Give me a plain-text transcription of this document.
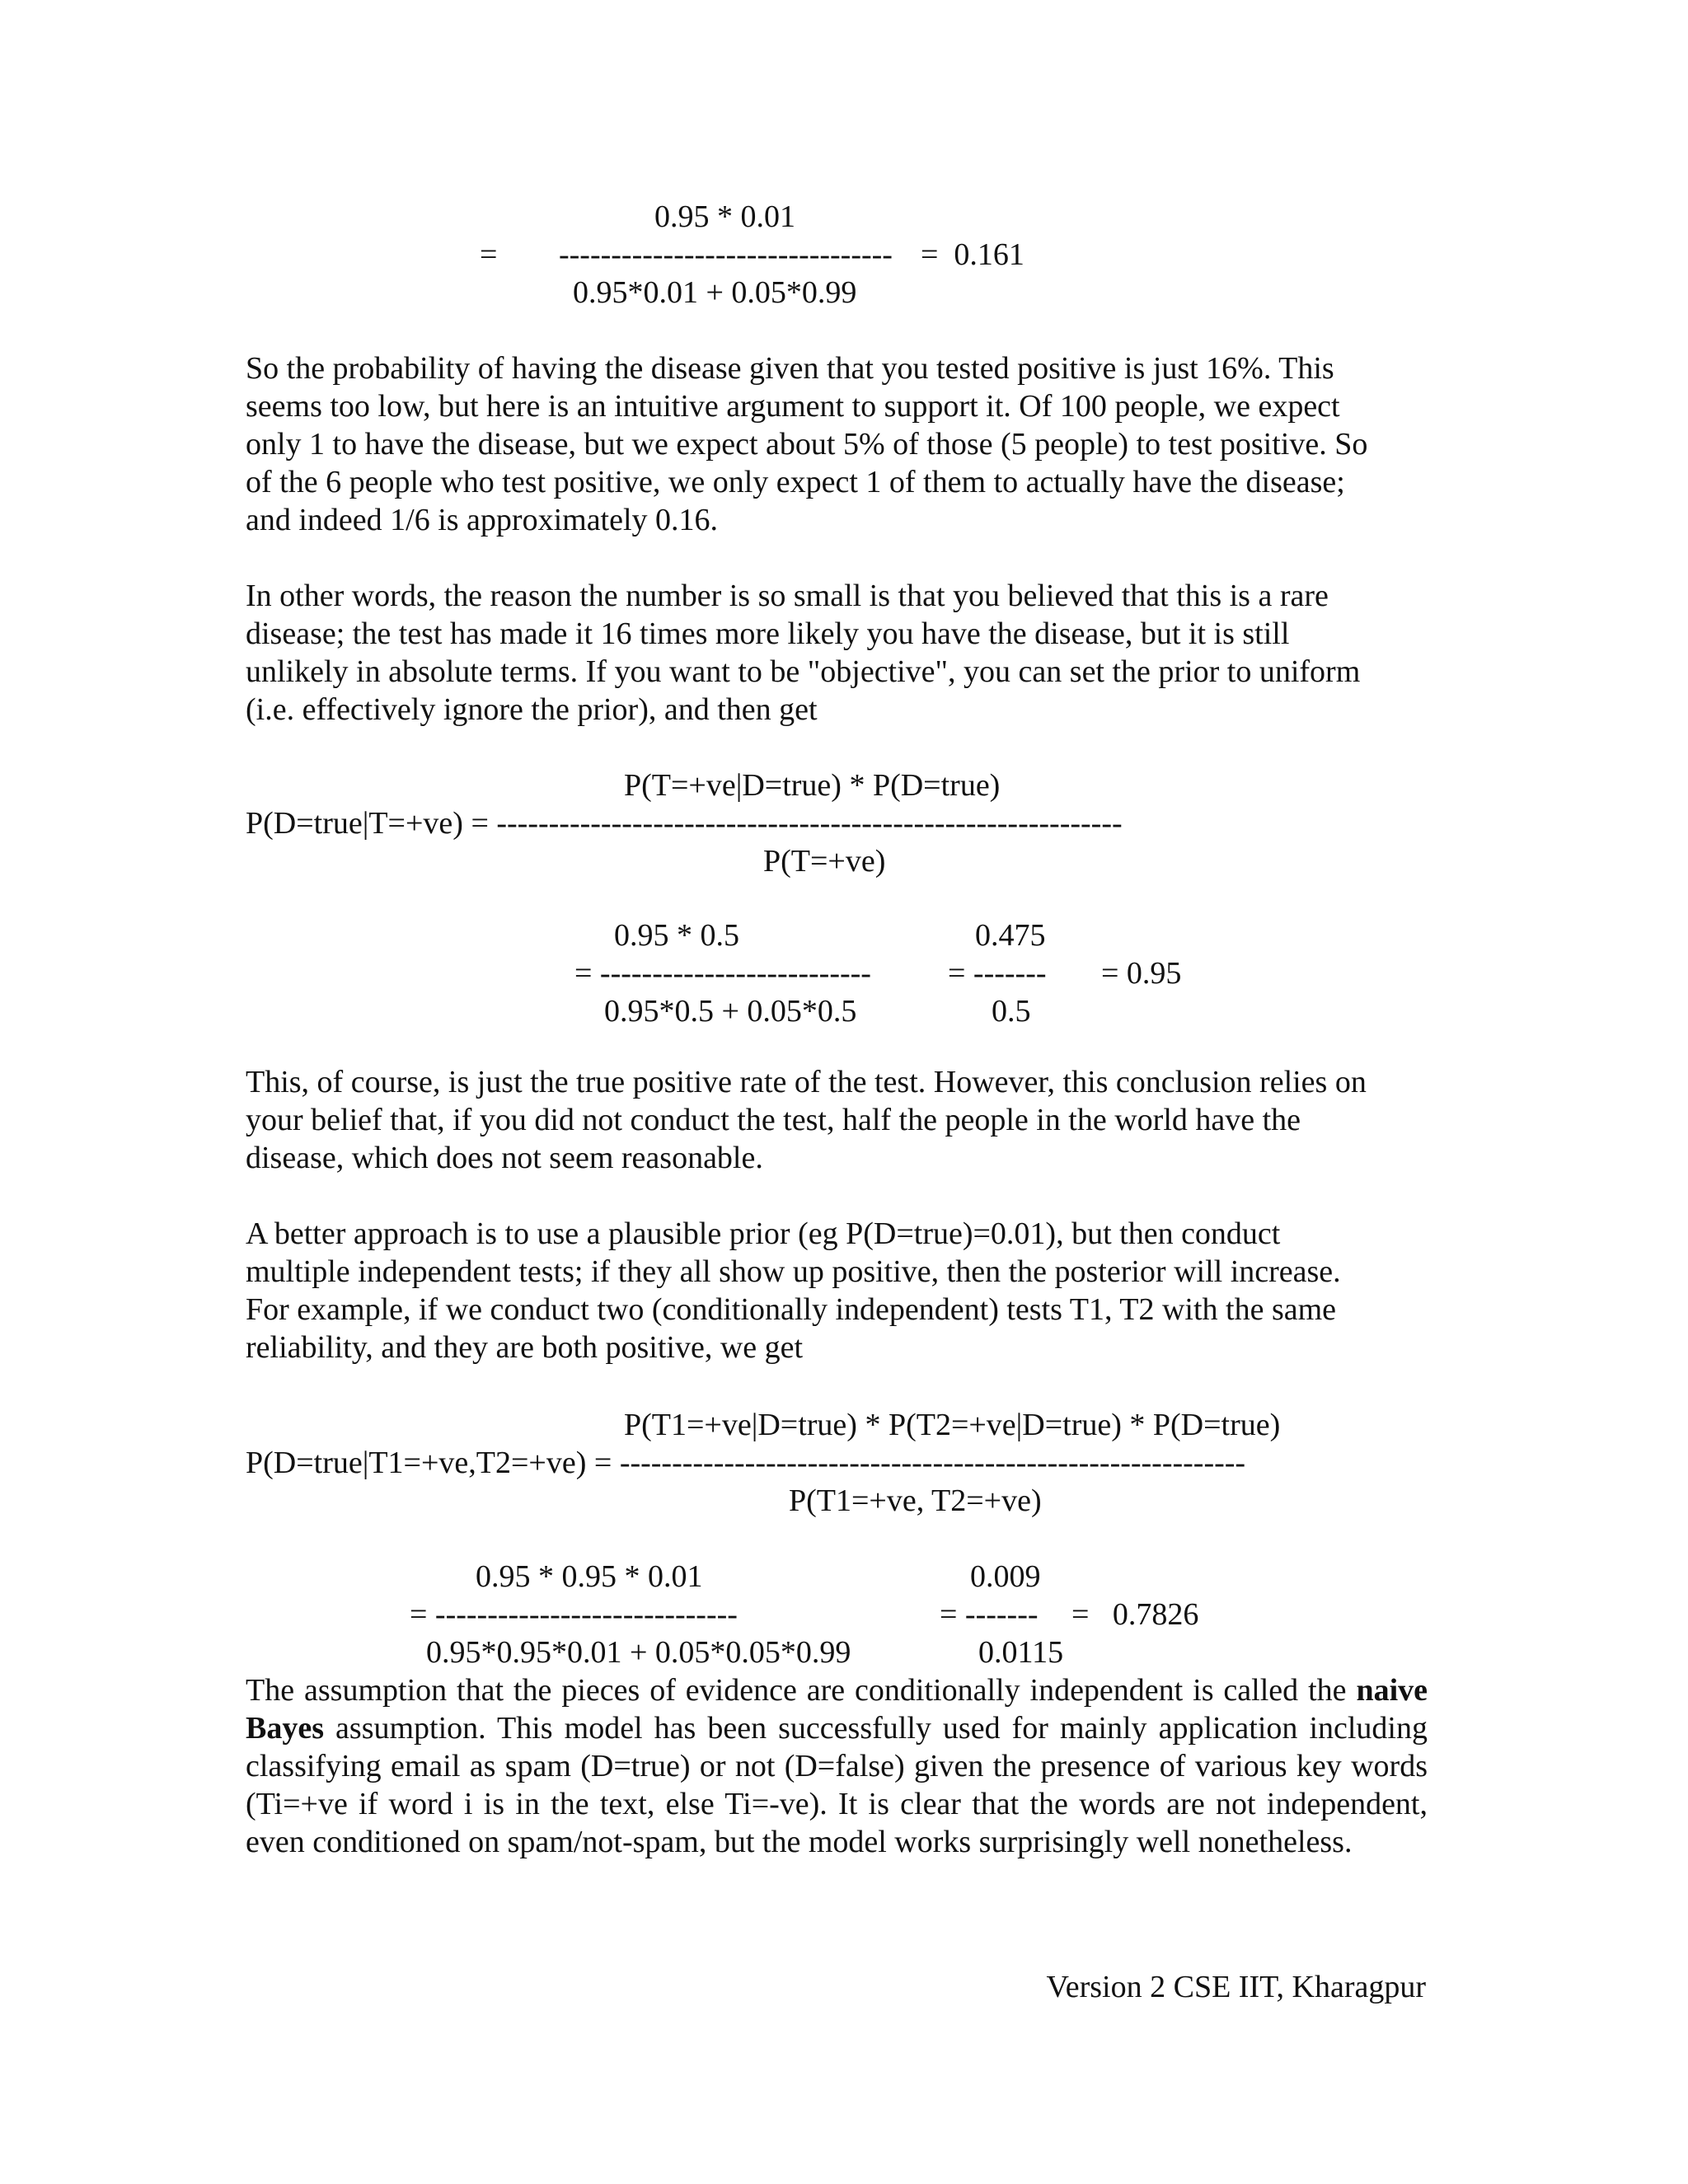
0.95 * 0.01
= -------------------------------- =  0.161
0.95*0.01 + 0.05*0.99

So the probability of having the disease given that you tested positive is just 16%. This

seems too low, but here is an intuitive argument to support it. Of 100 people, we expect

only 1 to have the disease, but we expect about 5% of those (5 people) to test positive. So

of the 6 people who test positive, we only expect 1 of them to actually have the disease;

and indeed 1/6 is approximately 0.16.

In other words, the reason the number is so small is that you believed that this is a rare

disease; the test has made it 16 times more likely you have the disease, but it is still

unlikely in absolute terms. If you want to be "objective", you can set the prior to uniform

(i.e. effectively ignore the prior), and then get

P(T=+ve|D=true) * P(D=true)
P(D=true|T=+ve) = ------------------------------------------------------------
P(T=+ve)
0.95 * 0.5
= --------------------------
0.95*0.5 + 0.05*0.5
0.475
= -------
0.5
= 0.95

This, of course, is just the true positive rate of the test. However, this conclusion relies on

your belief that, if you did not conduct the test, half the people in the world have the

disease, which does not seem reasonable.

A better approach is to use a plausible prior (eg P(D=true)=0.01), but then conduct

multiple independent tests; if they all show up positive, then the posterior will increase.

For example, if we conduct two (conditionally independent) tests T1, T2 with the same

reliability, and they are both positive, we get

P(T1=+ve|D=true) * P(T2=+ve|D=true) * P(D=true)
P(D=true|T1=+ve,T2=+ve) = ------------------------------------------------------------
P(T1=+ve, T2=+ve)
0.95 * 0.95 * 0.01
= -----------------------------
0.95*0.95*0.01 + 0.05*0.05*0.99
0.009
= -------
0.0115
=   0.7826
The assumption that the pieces of evidence are conditionally independent is called the naive Bayes assumption. This model has been successfully used for mainly application including classifying email as spam (D=true) or not (D=false) given the presence of various key words (Ti=+ve if word i is in the text, else Ti=-ve). It is clear that the words are not independent, even conditioned on spam/not-spam, but the model works surprisingly well nonetheless.
Version 2 CSE IIT, Kharagpur
